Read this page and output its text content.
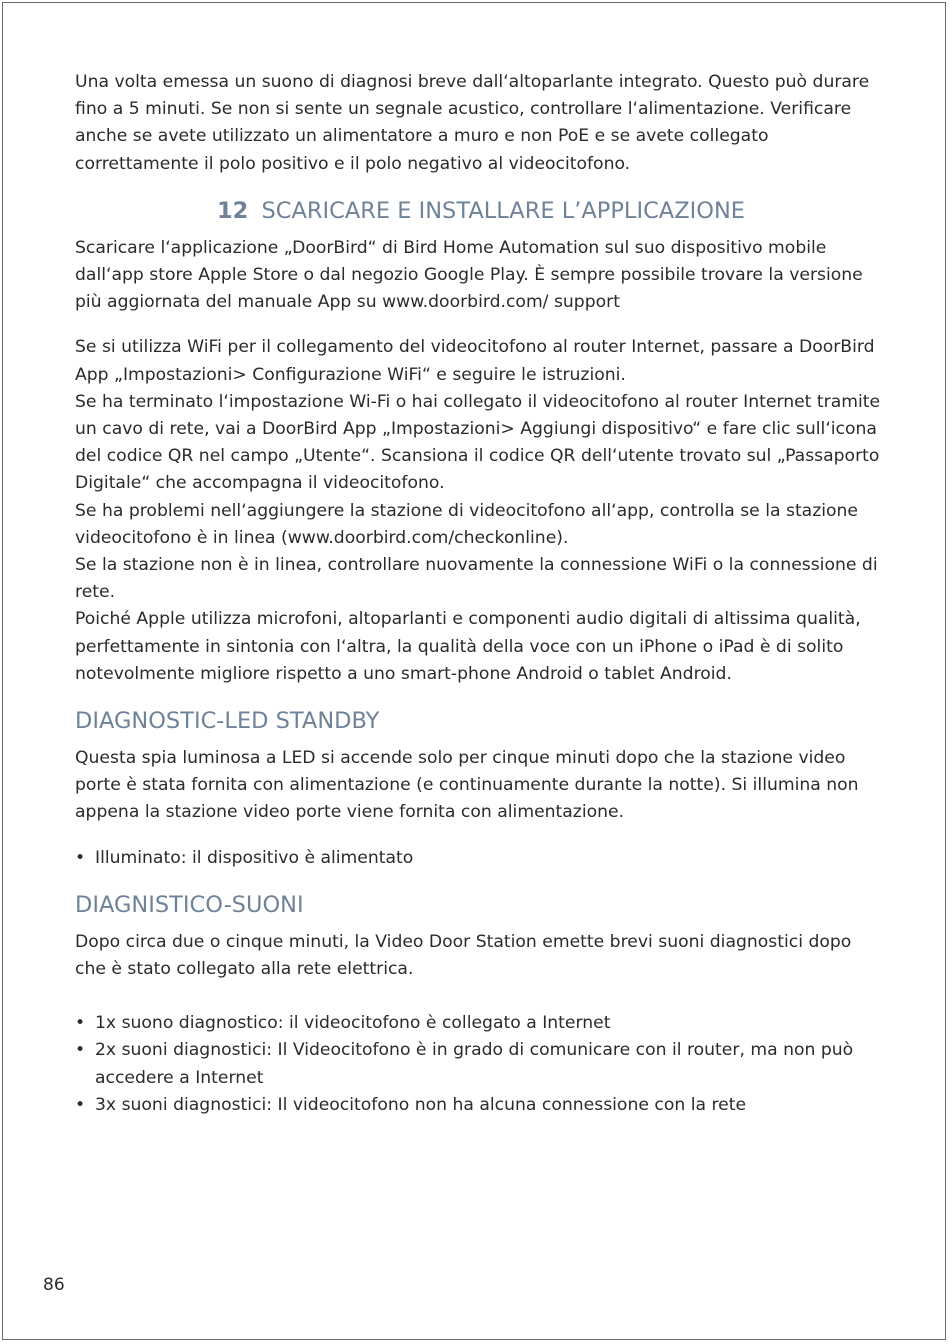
Una volta emessa un suono di diagnosi breve dall‘altoparlante integrato. Questo può durare fino a 5 minuti. Se non si sente un segnale acustico, controllare l‘alimentazione. Verificare anche se avete utilizzato un alimentatore a muro e non PoE e se avete collegato correttamente il polo positivo e il polo negativo al videocitofono.

12 SCARICARE E INSTALLARE L’APPLICAZIONE

Scaricare l‘applicazione „DoorBird“ di Bird Home Automation sul suo dispositivo mobile dall‘app store Apple Store o dal negozio Google Play. È sempre possibile trovare la versione più aggiornata del manuale App su www.doorbird.com/ support

Se si utilizza WiFi per il collegamento del videocitofono al router Internet, passare a DoorBird App „Impostazioni> Configurazione WiFi“ e seguire le istruzioni.

Se ha terminato l‘impostazione Wi-Fi o hai collegato il videocitofono al router Internet tramite un cavo di rete, vai a DoorBird App „Impostazioni> Aggiungi dispositivo“ e fare clic sull‘icona del codice QR nel campo „Utente“. Scansiona il codice QR dell‘utente trovato sul „Passaporto Digitale“ che accompagna il videocitofono.

Se ha problemi nell‘aggiungere la stazione di videocitofono all‘app, controlla se la stazione videocitofono è in linea (www.doorbird.com/checkonline).

Se la stazione non è in linea, controllare nuovamente la connessione WiFi o la connessione di rete.

Poiché Apple utilizza microfoni, altoparlanti e componenti audio digitali di altissima qualità, perfettamente in sintonia con l‘altra, la qualità della voce con un iPhone o iPad è di solito notevolmente migliore rispetto a uno smart-phone Android o tablet Android.

DIAGNOSTIC-LED STANDBY

Questa spia luminosa a LED si accende solo per cinque minuti dopo che la stazione video porte è stata fornita con alimentazione (e continuamente durante la notte). Si illumina non appena la stazione video porte viene fornita con alimentazione.

• Illuminato: il dispositivo è alimentato
DIAGNISTICO-SUONI

Dopo circa due o cinque minuti, la Video Door Station emette brevi suoni diagnostici dopo che è stato collegato alla rete elettrica.

• 1x suono diagnostico: il videocitofono è collegato a Internet
• 2x suoni diagnostici: Il Videocitofono è in grado di comunicare con il router, ma non può accedere a Internet
• 3x suoni diagnostici: Il videocitofono non ha alcuna connessione con la rete
86
